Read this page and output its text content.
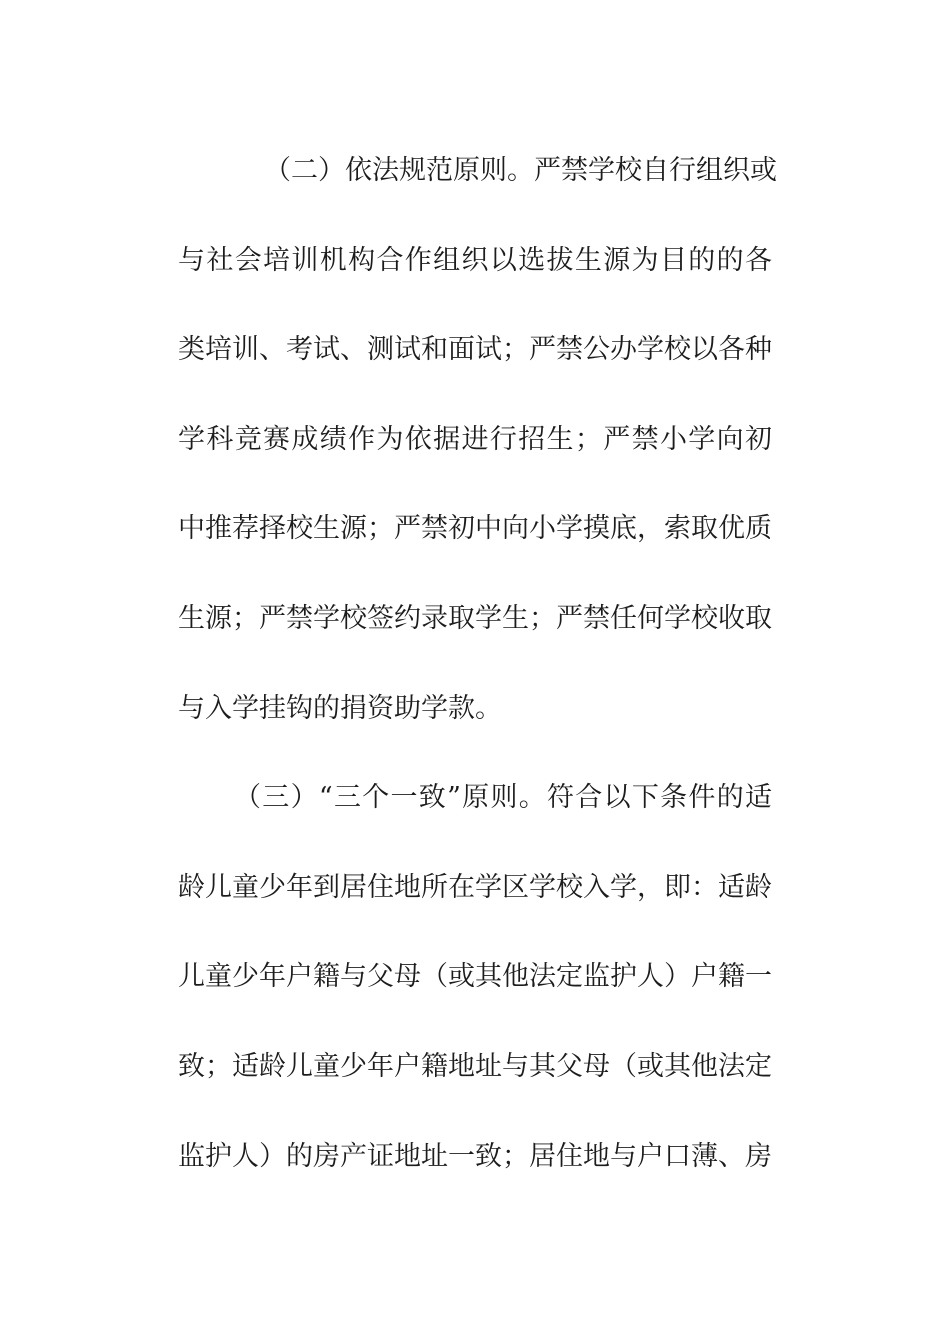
（二）依法规范原则。严禁学校自行组织或
与社会培训机构合作组织以选拔生源为目的的各
类培训、考试、测试和面试；严禁公办学校以各种
学科竞赛成绩作为依据进行招生；严禁小学向初
中推荐择校生源；严禁初中向小学摸底，索取优质
生源；严禁学校签约录取学生；严禁任何学校收取
与入学挂钩的捐资助学款。
（三）“三个一致”原则。符合以下条件的适
龄儿童少年到居住地所在学区学校入学，即：适龄
儿童少年户籍与父母（或其他法定监护人）户籍一
致；适龄儿童少年户籍地址与其父母（或其他法定
监护人）的房产证地址一致；居住地与户口薄、房
